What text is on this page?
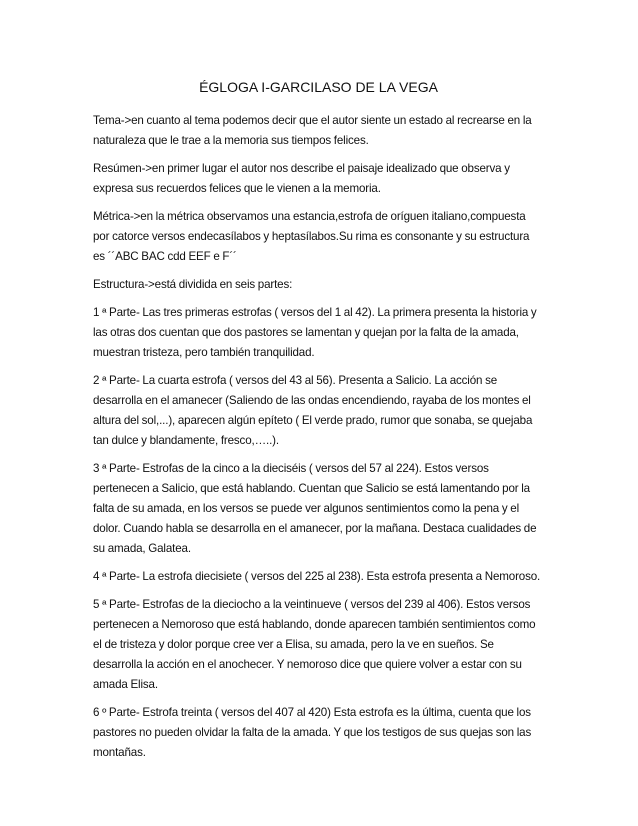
ÉGLOGA I-GARCILASO DE LA VEGA

Tema->en cuanto al tema podemos decir que el autor siente un estado al recrearse en la naturaleza que le trae a la memoria sus tiempos felices.

Resúmen->en primer lugar el autor nos describe el paisaje idealizado que observa y expresa sus recuerdos felices que le vienen a la memoria.

Métrica->en la métrica observamos una estancia,estrofa de oríguen italiano,compuesta por catorce versos endecasílabos y heptasílabos.Su rima es consonante y su estructura es ´´ABC BAC cdd EEF e F´´

Estructura->está dividida en seis partes:

1 ª Parte- Las tres primeras estrofas ( versos del 1 al 42). La primera presenta la historia y las otras dos cuentan que dos pastores se lamentan y quejan por la falta de la amada, muestran tristeza, pero también tranquilidad.

2 ª Parte- La cuarta estrofa ( versos del 43 al 56). Presenta a Salicio. La acción se desarrolla en el amanecer (Saliendo de las ondas encendiendo, rayaba de los montes el altura del sol,...), aparecen algún epíteto ( El verde prado, rumor que sonaba, se quejaba tan dulce y blandamente, fresco,…..).

3 ª Parte- Estrofas de la cinco a la dieciséis ( versos del 57 al 224). Estos versos pertenecen a Salicio, que está hablando. Cuentan que Salicio se está lamentando por la falta de su amada, en los versos se puede ver algunos sentimientos como la pena y el dolor. Cuando habla se desarrolla en el amanecer, por la mañana. Destaca cualidades de su amada, Galatea.

4 ª Parte- La estrofa diecisiete ( versos del 225 al 238). Esta estrofa presenta a Nemoroso.

5 ª Parte- Estrofas de la dieciocho a la veintinueve ( versos del 239 al 406). Estos versos pertenecen a Nemoroso que está hablando, donde aparecen también sentimientos como el de tristeza y dolor porque cree ver a Elisa, su amada, pero la ve en sueños. Se desarrolla la acción en el anochecer. Y nemoroso dice que quiere volver a estar con su amada Elisa.

6 º Parte- Estrofa treinta ( versos del 407 al 420) Esta estrofa es la última, cuenta que los pastores no pueden olvidar la falta de la amada. Y que los testigos de sus quejas son las montañas.
